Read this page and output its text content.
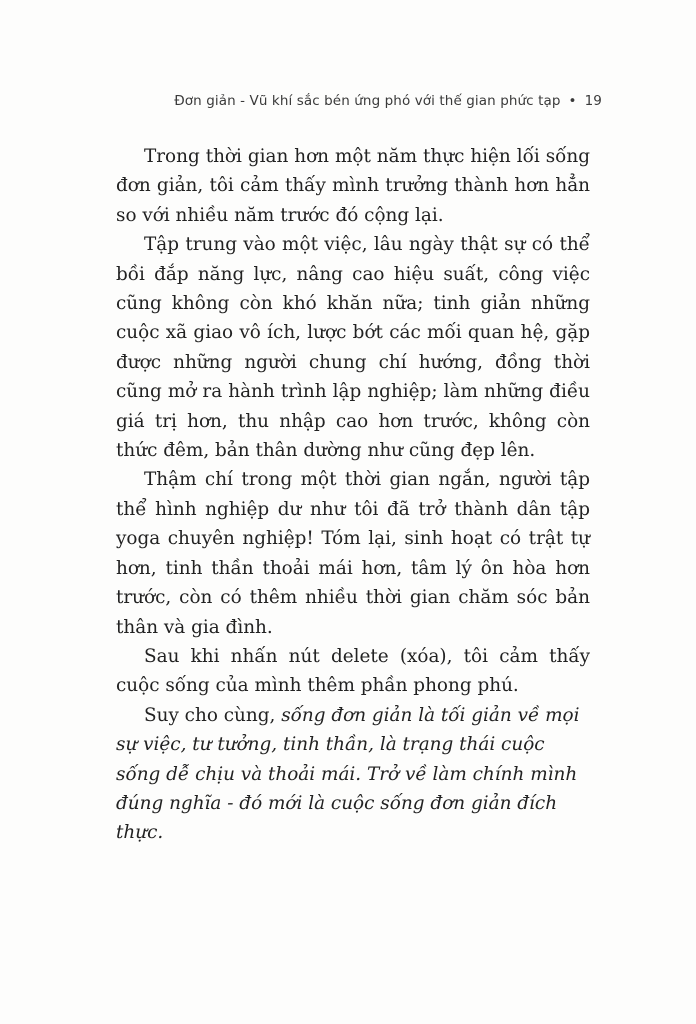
Đơn giản - Vũ khí sắc bén ứng phó với thế gian phức tạp • 19

Trong thời gian hơn một năm thực hiện lối sống đơn giản, tôi cảm thấy mình trưởng thành hơn hẳn so với nhiều năm trước đó cộng lại.

Tập trung vào một việc, lâu ngày thật sự có thể bồi đắp năng lực, nâng cao hiệu suất, công việc cũng không còn khó khăn nữa; tinh giản những cuộc xã giao vô ích, lược bớt các mối quan hệ, gặp được những người chung chí hướng, đồng thời cũng mở ra hành trình lập nghiệp; làm những điều giá trị hơn, thu nhập cao hơn trước, không còn thức đêm, bản thân dường như cũng đẹp lên.

Thậm chí trong một thời gian ngắn, người tập thể hình nghiệp dư như tôi đã trở thành dân tập yoga chuyên nghiệp! Tóm lại, sinh hoạt có trật tự hơn, tinh thần thoải mái hơn, tâm lý ôn hòa hơn trước, còn có thêm nhiều thời gian chăm sóc bản thân và gia đình.

Sau khi nhấn nút delete (xóa), tôi cảm thấy cuộc sống của mình thêm phần phong phú.

Suy cho cùng, sống đơn giản là tối giản về mọi sự việc, tư tưởng, tinh thần, là trạng thái cuộc sống dễ chịu và thoải mái. Trở về làm chính mình đúng nghĩa - đó mới là cuộc sống đơn giản đích thực.
